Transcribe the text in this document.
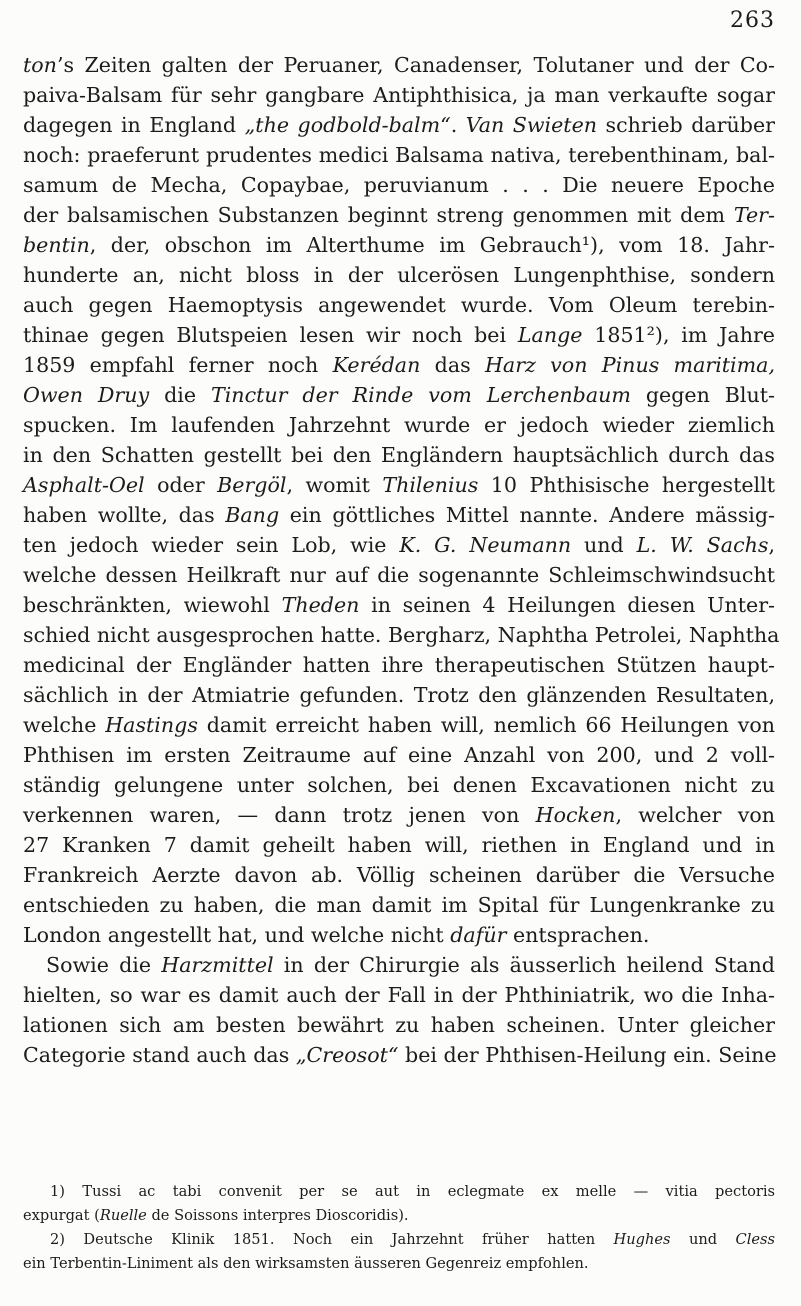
263
ton’s Zeiten galten der Peruaner, Canadenser, Tolutaner und der Co-
paiva-Balsam für sehr gangbare Antiphthisica, ja man verkaufte sogar
dagegen in England „the godbold-balm“. Van Swieten schrieb darüber
noch: praeferunt prudentes medici Balsama nativa, terebenthinam, bal-
samum de Mecha, Copaybae, peruvianum . . . Die neuere Epoche
der balsamischen Substanzen beginnt streng genommen mit dem Ter-
bentin, der, obschon im Alterthume im Gebrauch¹), vom 18. Jahr-
hunderte an, nicht bloss in der ulcerösen Lungenphthise, sondern
auch gegen Haemoptysis angewendet wurde. Vom Oleum terebin-
thinae gegen Blutspeien lesen wir noch bei Lange 1851²), im Jahre
1859 empfahl ferner noch Kerédan das Harz von Pinus maritima,
Owen Druy die Tinctur der Rinde vom Lerchenbaum gegen Blut-
spucken. Im laufenden Jahrzehnt wurde er jedoch wieder ziemlich
in den Schatten gestellt bei den Engländern hauptsächlich durch das
Asphalt-Oel oder Bergöl, womit Thilenius 10 Phthisische hergestellt
haben wollte, das Bang ein göttliches Mittel nannte. Andere mässig-
ten jedoch wieder sein Lob, wie K. G. Neumann und L. W. Sachs,
welche dessen Heilkraft nur auf die sogenannte Schleimschwindsucht
beschränkten, wiewohl Theden in seinen 4 Heilungen diesen Unter-
schied nicht ausgesprochen hatte. Bergharz, Naphtha Petrolei, Naphtha
medicinal der Engländer hatten ihre therapeutischen Stützen haupt-
sächlich in der Atmiatrie gefunden. Trotz den glänzenden Resultaten,
welche Hastings damit erreicht haben will, nemlich 66 Heilungen von
Phthisen im ersten Zeitraume auf eine Anzahl von 200, und 2 voll-
ständig gelungene unter solchen, bei denen Excavationen nicht zu
verkennen waren, — dann trotz jenen von Hocken, welcher von
27 Kranken 7 damit geheilt haben will, riethen in England und in
Frankreich Aerzte davon ab. Völlig scheinen darüber die Versuche
entschieden zu haben, die man damit im Spital für Lungenkranke zu
London angestellt hat, und welche nicht dafür entsprachen.
Sowie die Harzmittel in der Chirurgie als äusserlich heilend Stand
hielten, so war es damit auch der Fall in der Phthiniatrik, wo die Inha-
lationen sich am besten bewährt zu haben scheinen. Unter gleicher
Categorie stand auch das „Creosot“ bei der Phthisen-Heilung ein. Seine
1) Tussi ac tabi convenit per se aut in eclegmate ex melle — vitia pectoris
expurgat (Ruelle de Soissons interpres Dioscoridis).
2) Deutsche Klinik 1851. Noch ein Jahrzehnt früher hatten Hughes und Cless
ein Terbentin-Liniment als den wirksamsten äusseren Gegenreiz empfohlen.
